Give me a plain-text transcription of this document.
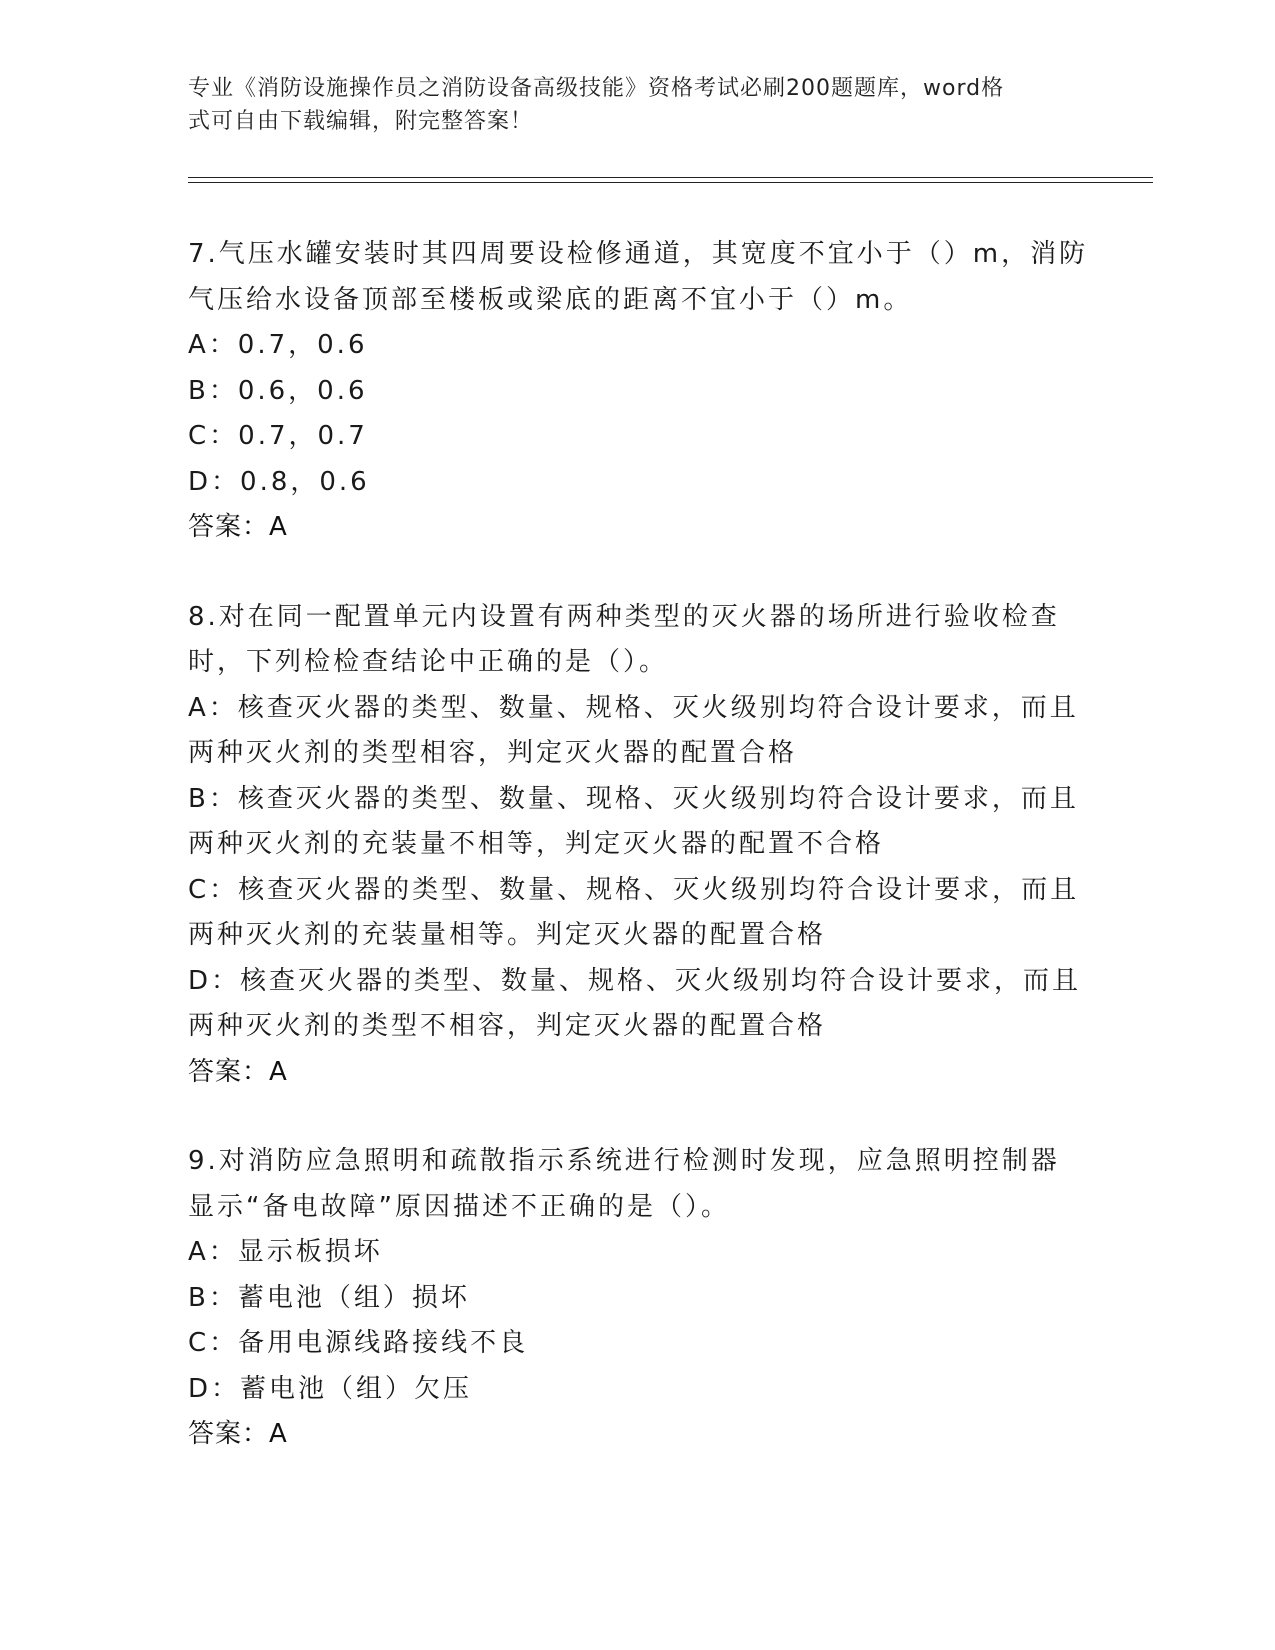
专业《消防设施操作员之消防设备高级技能》资格考试必刷200题题库，word格
式可自由下载编辑，附完整答案！
7.气压水罐安装时其四周要设检修通道，其宽度不宜小于（）m，消防
气压给水设备顶部至楼板或梁底的距离不宜小于（）m。
A：0.7，0.6
B：0.6，0.6
C：0.7，0.7
D：0.8，0.6
答案：A
8.对在同一配置单元内设置有两种类型的灭火器的场所进行验收检查
时，下列检检查结论中正确的是（）。
A：核查灭火器的类型、数量、规格、灭火级别均符合设计要求，而且
两种灭火剂的类型相容，判定灭火器的配置合格
B：核查灭火器的类型、数量、现格、灭火级别均符合设计要求，而且
两种灭火剂的充装量不相等，判定灭火器的配置不合格
C：核查灭火器的类型、数量、规格、灭火级别均符合设计要求，而且
两种灭火剂的充装量相等。判定灭火器的配置合格
D：核查灭火器的类型、数量、规格、灭火级别均符合设计要求，而且
两种灭火剂的类型不相容，判定灭火器的配置合格
答案：A
9.对消防应急照明和疏散指示系统进行检测时发现，应急照明控制器
显示“备电故障”原因描述不正确的是（）。
A：显示板损坏
B：蓄电池（组）损坏
C：备用电源线路接线不良
D：蓄电池（组）欠压
答案：A
